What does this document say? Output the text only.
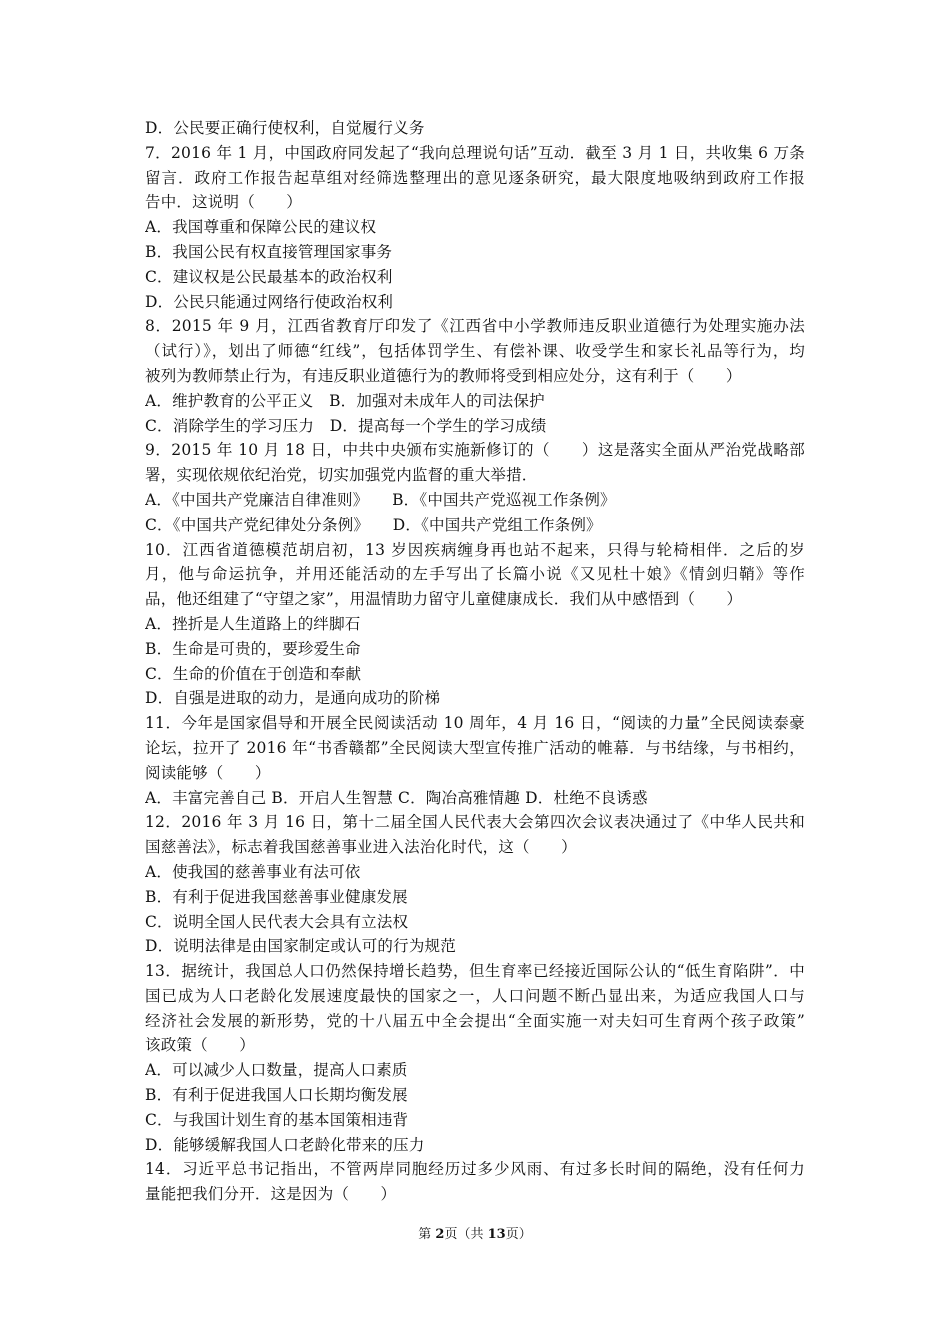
D．公民要正确行使权利，自觉履行义务
7．2016 年 1 月，中国政府同发起了“我向总理说句话”互动．截至 3 月 1 日，共收集 6 万条
留言．政府工作报告起草组对经筛选整理出的意见逐条研究，最大限度地吸纳到政府工作报
告中．这说明（　　）
A．我国尊重和保障公民的建议权
B．我国公民有权直接管理国家事务
C．建议权是公民最基本的政治权利
D．公民只能通过网络行使政治权利
8．2015 年 9 月，江西省教育厅印发了《江西省中小学教师违反职业道德行为处理实施办法
（试行）》，划出了师德“红线”，包括体罚学生、有偿补课、收受学生和家长礼品等行为，均
被列为教师禁止行为，有违反职业道德行为的教师将受到相应处分，这有利于（　　）
A．维护教育的公平正义　B．加强对未成年人的司法保护
C．消除学生的学习压力　D．提高每一个学生的学习成绩
9．2015 年 10 月 18 日，中共中央颁布实施新修订的（　　）这是落实全面从严治党战略部
署，实现依规依纪治党，切实加强党内监督的重大举措．
A．《中国共产党廉洁自律准则》　　B．《中国共产党巡视工作条例》
C．《中国共产党纪律处分条例》　　D．《中国共产党组工作条例》
10．江西省道德模范胡启初，13 岁因疾病缠身再也站不起来，只得与轮椅相伴．之后的岁
月，他与命运抗争，并用还能活动的左手写出了长篇小说《又见杜十娘》《情剑归鞘》等作
品，他还组建了“守望之家”，用温情助力留守儿童健康成长．我们从中感悟到（　　）
A．挫折是人生道路上的绊脚石
B．生命是可贵的，要珍爱生命
C．生命的价值在于创造和奉献
D．自强是进取的动力，是通向成功的阶梯
11．今年是国家倡导和开展全民阅读活动 10 周年，4 月 16 日，“阅读的力量”全民阅读泰豪
论坛，拉开了 2016 年“书香赣都”全民阅读大型宣传推广活动的帷幕．与书结缘，与书相约，
阅读能够（　　）
A．丰富完善自己 B．开启人生智慧 C．陶冶高雅情趣 D．杜绝不良诱惑
12．2016 年 3 月 16 日，第十二届全国人民代表大会第四次会议表决通过了《中华人民共和
国慈善法》，标志着我国慈善事业进入法治化时代，这（　　）
A．使我国的慈善事业有法可依
B．有利于促进我国慈善事业健康发展
C．说明全国人民代表大会具有立法权
D．说明法律是由国家制定或认可的行为规范
13．据统计，我国总人口仍然保持增长趋势，但生育率已经接近国际公认的“低生育陷阱”．中
国已成为人口老龄化发展速度最快的国家之一，人口问题不断凸显出来，为适应我国人口与
经济社会发展的新形势，党的十八届五中全会提出“全面实施一对夫妇可生育两个孩子政策”
该政策（　　）
A．可以减少人口数量，提高人口素质
B．有利于促进我国人口长期均衡发展
C．与我国计划生育的基本国策相违背
D．能够缓解我国人口老龄化带来的压力
14．习近平总书记指出，不管两岸同胞经历过多少风雨、有过多长时间的隔绝，没有任何力
量能把我们分开．这是因为（　　）
第 2页（共 13页）
